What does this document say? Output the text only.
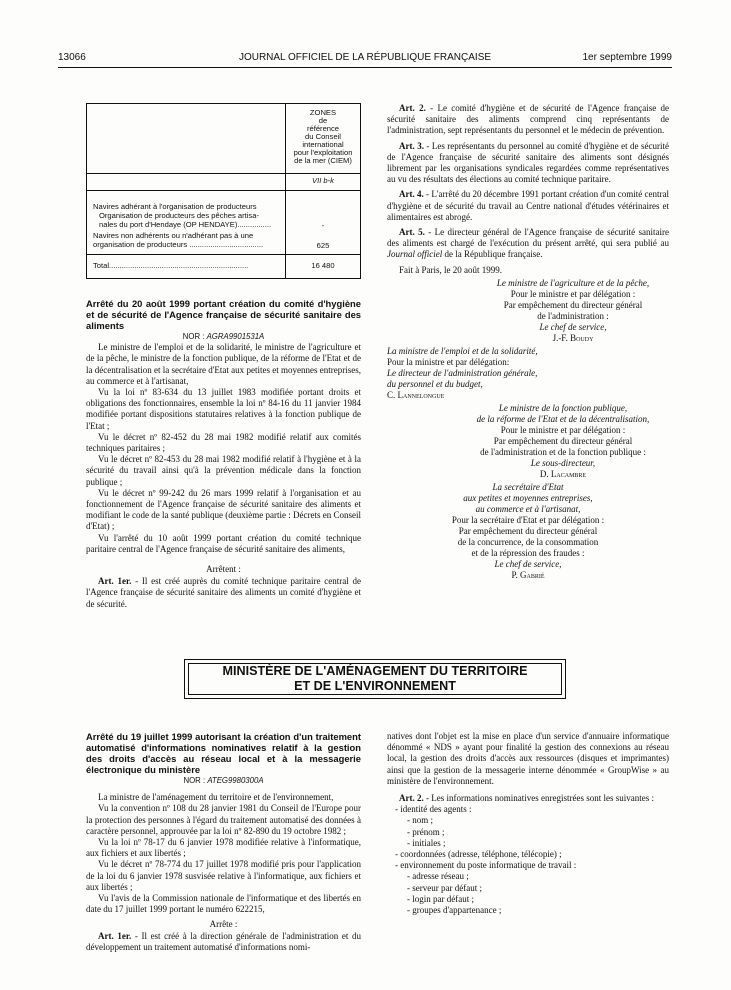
13066	JOURNAL OFFICIEL DE LA RÉPUBLIQUE FRANÇAISE	1er septembre 1999
ZONES
de
référence
du Conseil
international
pour l'exploitation
de la mer (CIEM)
VII b-k
Navires adhérant à l'organisation de producteurs
Organisation de producteurs des pêches artisa-
nales du port d'Hendaye (OP HENDAYE)................	-
Navires non adhérents ou n'adhérant pas à une
organisation de producteurs ...................................	625
Total..................................................................	16 480

Arrêté du 20 août 1999 portant création du comité d'hygiène et de sécurité de l'Agence française de sécurité sanitaire des aliments

NOR : AGRA9901531A

Le ministre de l'emploi et de la solidarité, le ministre de l'agriculture et de la pêche, le ministre de la fonction publique, de la réforme de l'Etat et de la décentralisation et la secrétaire d'Etat aux petites et moyennes entreprises, au commerce et à l'artisanat,

Vu la loi nº 83-634 du 13 juillet 1983 modifiée portant droits et obligations des fonctionnaires, ensemble la loi nº 84-16 du 11 janvier 1984 modifiée portant dispositions statutaires relatives à la fonction publique de l'Etat ;

Vu le décret nº 82-452 du 28 mai 1982 modifié relatif aux comités techniques paritaires ;

Vu le décret nº 82-453 du 28 mai 1982 modifié relatif à l'hygiène et à la sécurité du travail ainsi qu'à la prévention médicale dans la fonction publique ;

Vu le décret nº 99-242 du 26 mars 1999 relatif à l'organisation et au fonctionnement de l'Agence française de sécurité sanitaire des aliments et modifiant le code de la santé publique (deuxième partie : Décrets en Conseil d'Etat) ;

Vu l'arrêté du 10 août 1999 portant création du comité technique paritaire central de l'Agence française de sécurité sanitaire des aliments,

Arrêtent :

Art. 1er. - Il est créé auprès du comité technique paritaire central de l'Agence française de sécurité sanitaire des aliments un comité d'hygiène et de sécurité.

Art. 2. - Le comité d'hygiène et de sécurité de l'Agence française de sécurité sanitaire des aliments comprend cinq représentants de l'administration, sept représentants du personnel et le médecin de prévention.

Art. 3. - Les représentants du personnel au comité d'hygiène et de sécurité de l'Agence française de sécurité sanitaire des aliments sont désignés librement par les organisations syndicales regardées comme représentatives au vu des résultats des élections au comité technique paritaire.

Art. 4. - L'arrêté du 20 décembre 1991 portant création d'un comité central d'hygiène et de sécurité du travail au Centre national d'études vétérinaires et alimentaires est abrogé.

Art. 5. - Le directeur général de l'Agence française de sécurité sanitaire des aliments est chargé de l'exécution du présent arrêté, qui sera publié au Journal officiel de la République française.

Fait à Paris, le 20 août 1999.

Le ministre de l'agriculture et de la pêche,
Pour le ministre et par délégation :
Par empêchement du directeur général
de l'administration :
Le chef de service,
J.-F. Boudy
La ministre de l'emploi et de la solidarité,
Pour la ministre et par délégation:
Le directeur de l'administration générale,
du personnel et du budget,
C. Lannelongue
Le ministre de la fonction publique,
de la réforme de l'Etat et de la décentralisation,
Pour le ministre et par délégation :
Par empêchement du directeur général
de l'administration et de la fonction publique :
Le sous-directeur,
D. Lacambre
La secrétaire d'Etat
aux petites et moyennes entreprises,
au commerce et à l'artisanat,
Pour la secrétaire d'Etat et par délégation :
Par empêchement du directeur général
de la concurrence, de la consommation
et de la répression des fraudes :
Le chef de service,
P. Gabrié
MINISTÈRE DE L'AMÉNAGEMENT DU TERRITOIRE
ET DE L'ENVIRONNEMENT

Arrêté du 19 juillet 1999 autorisant la création d'un traitement automatisé d'informations nominatives relatif à la gestion des droits d'accès au réseau local et à la messagerie électronique du ministère

NOR : ATEG9980300A

La ministre de l'aménagement du territoire et de l'environnement,

Vu la convention nº 108 du 28 janvier 1981 du Conseil de l'Europe pour la protection des personnes à l'égard du traitement automatisé des données à caractère personnel, approuvée par la loi nº 82-890 du 19 octobre 1982 ;

Vu la loi nº 78-17 du 6 janvier 1978 modifiée relative à l'informatique, aux fichiers et aux libertés ;

Vu le décret nº 78-774 du 17 juillet 1978 modifié pris pour l'application de la loi du 6 janvier 1978 susvisée relative à l'informatique, aux fichiers et aux libertés ;

Vu l'avis de la Commission nationale de l'informatique et des libertés en date du 17 juillet 1999 portant le numéro 622215,

Arrête :

Art. 1er. - Il est créé à la direction générale de l'administration et du développement un traitement automatisé d'informations nomi-

natives dont l'objet est la mise en place d'un service d'annuaire informatique dénommé « NDS » ayant pour finalité la gestion des connexions au réseau local, la gestion des droits d'accès aux ressources (disques et imprimantes) ainsi que la gestion de la messagerie interne dénommée « GroupWise » au ministère de l'environnement.

Art. 2. - Les informations nominatives enregistrées sont les suivantes :

- identité des agents :
- nom ;
- prénom ;
- initiales ;
- coordonnées (adresse, téléphone, télécopie) ;
- environnement du poste informatique de travail :
- adresse réseau ;
- serveur par défaut ;
- login par défaut ;
- groupes d'appartenance ;
